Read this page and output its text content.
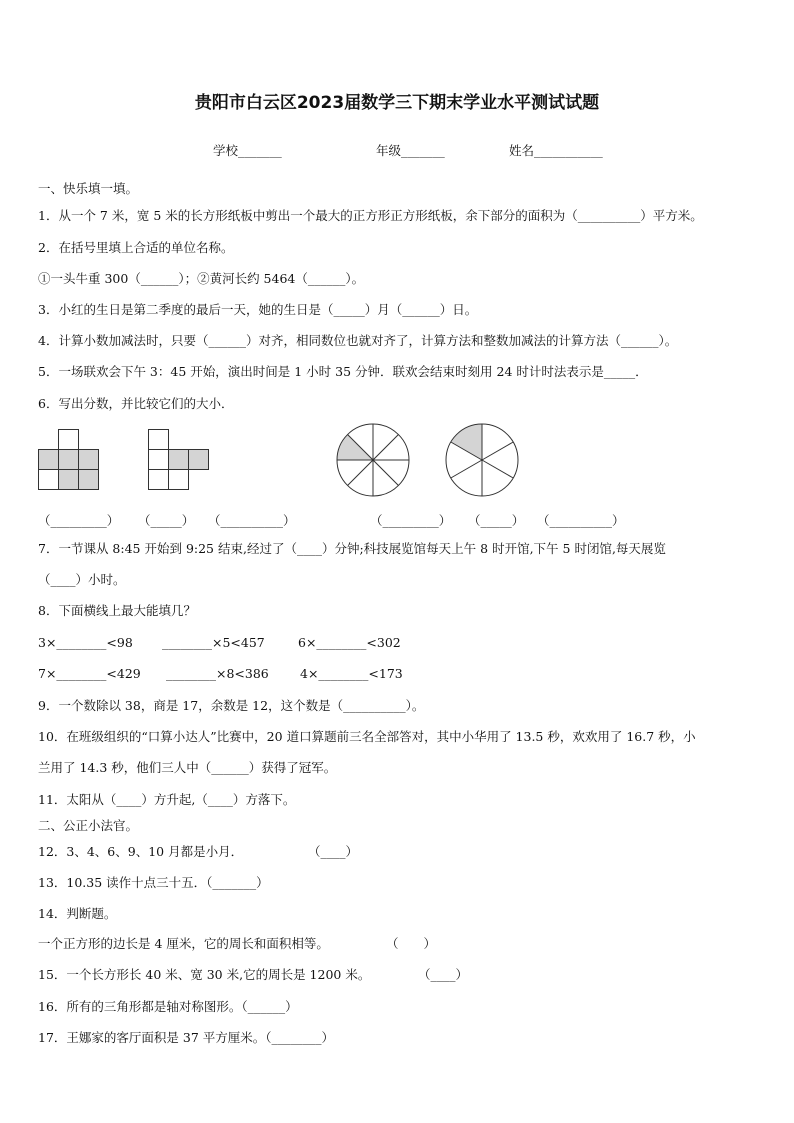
贵阳市白云区2023届数学三下期末学业水平测试试题
学校_______	年级_______	姓名___________
一、快乐填一填。
1．从一个 7 米，宽 5 米的长方形纸板中剪出一个最大的正方形正方形纸板，余下部分的面积为（__________）平方米。
2．在括号里填上合适的单位名称。
①一头牛重 300（______）；②黄河长约 5464（______）。
3．小红的生日是第二季度的最后一天，她的生日是（_____）月（______）日。
4．计算小数加减法时，只要（______）对齐，相同数位也就对齐了，计算方法和整数加减法的计算方法（______）。
5．一场联欢会下午 3：45 开始，演出时间是 1 小时 35 分钟．联欢会结束时刻用 24 时计时法表示是_____．
6．写出分数，并比较它们的大小．
（_________） （_____） （__________）	（_________） （_____） （__________）
7．一节课从 8:45 开始到 9:25 结束,经过了（____）分钟;科技展览馆每天上午 8 时开馆,下午 5 时闭馆,每天展览
（____）小时。
8．下面横线上最大能填几？
3×________<98 ________×5<457	6×________<302
7×________<429 ________×8<386 4×________<173
9．一个数除以 38，商是 17，余数是 12，这个数是（__________）。
10．在班级组织的“口算小达人”比赛中，20 道口算题前三名全部答对，其中小华用了 13.5 秒，欢欢用了 16.7 秒，小
兰用了 14.3 秒，他们三人中（______）获得了冠军。
11．太阳从（____）方升起,（____）方落下。
二、公正小法官。
12．3、4、6、9、10 月都是小月．	（____）
13．10.35 读作十点三十五．（_______）
14．判断题。
一个正方形的边长是 4 厘米，它的周长和面积相等。	（　　）
15．一个长方形长 40 米、宽 30 米,它的周长是 1200 米。	（____）
16．所有的三角形都是轴对称图形。（______）
17．王娜家的客厅面积是 37 平方厘米。（________）
